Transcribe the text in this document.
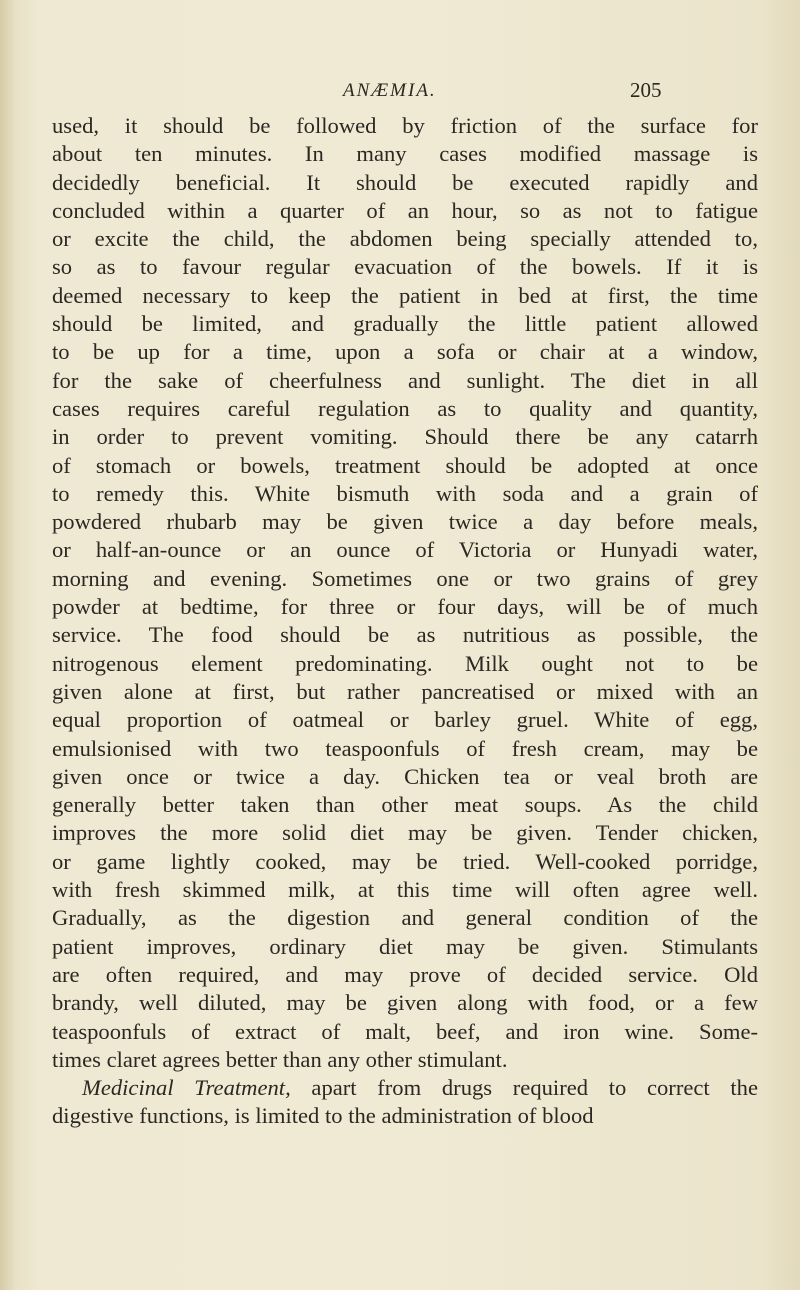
ANÆMIA.	205
used, it should be followed by friction of the surface for
about ten minutes. In many cases modified massage is
decidedly beneficial. It should be executed rapidly and
concluded within a quarter of an hour, so as not to fatigue
or excite the child, the abdomen being specially attended to,
so as to favour regular evacuation of the bowels. If it is
deemed necessary to keep the patient in bed at first, the time
should be limited, and gradually the little patient allowed
to be up for a time, upon a sofa or chair at a window,
for the sake of cheerfulness and sunlight. The diet in all
cases requires careful regulation as to quality and quantity,
in order to prevent vomiting. Should there be any catarrh
of stomach or bowels, treatment should be adopted at once
to remedy this. White bismuth with soda and a grain of
powdered rhubarb may be given twice a day before meals,
or half-an-ounce or an ounce of Victoria or Hunyadi water,
morning and evening. Sometimes one or two grains of grey
powder at bedtime, for three or four days, will be of much
service. The food should be as nutritious as possible, the
nitrogenous element predominating. Milk ought not to be
given alone at first, but rather pancreatised or mixed with an
equal proportion of oatmeal or barley gruel. White of egg,
emulsionised with two teaspoonfuls of fresh cream, may be
given once or twice a day. Chicken tea or veal broth are
generally better taken than other meat soups. As the child
improves the more solid diet may be given. Tender chicken,
or game lightly cooked, may be tried. Well-cooked porridge,
with fresh skimmed milk, at this time will often agree well.
Gradually, as the digestion and general condition of the
patient improves, ordinary diet may be given. Stimulants
are often required, and may prove of decided service. Old
brandy, well diluted, may be given along with food, or a few
teaspoonfuls of extract of malt, beef, and iron wine. Some-
times claret agrees better than any other stimulant.
Medicinal Treatment, apart from drugs required to correct the
digestive functions, is limited to the administration of blood
